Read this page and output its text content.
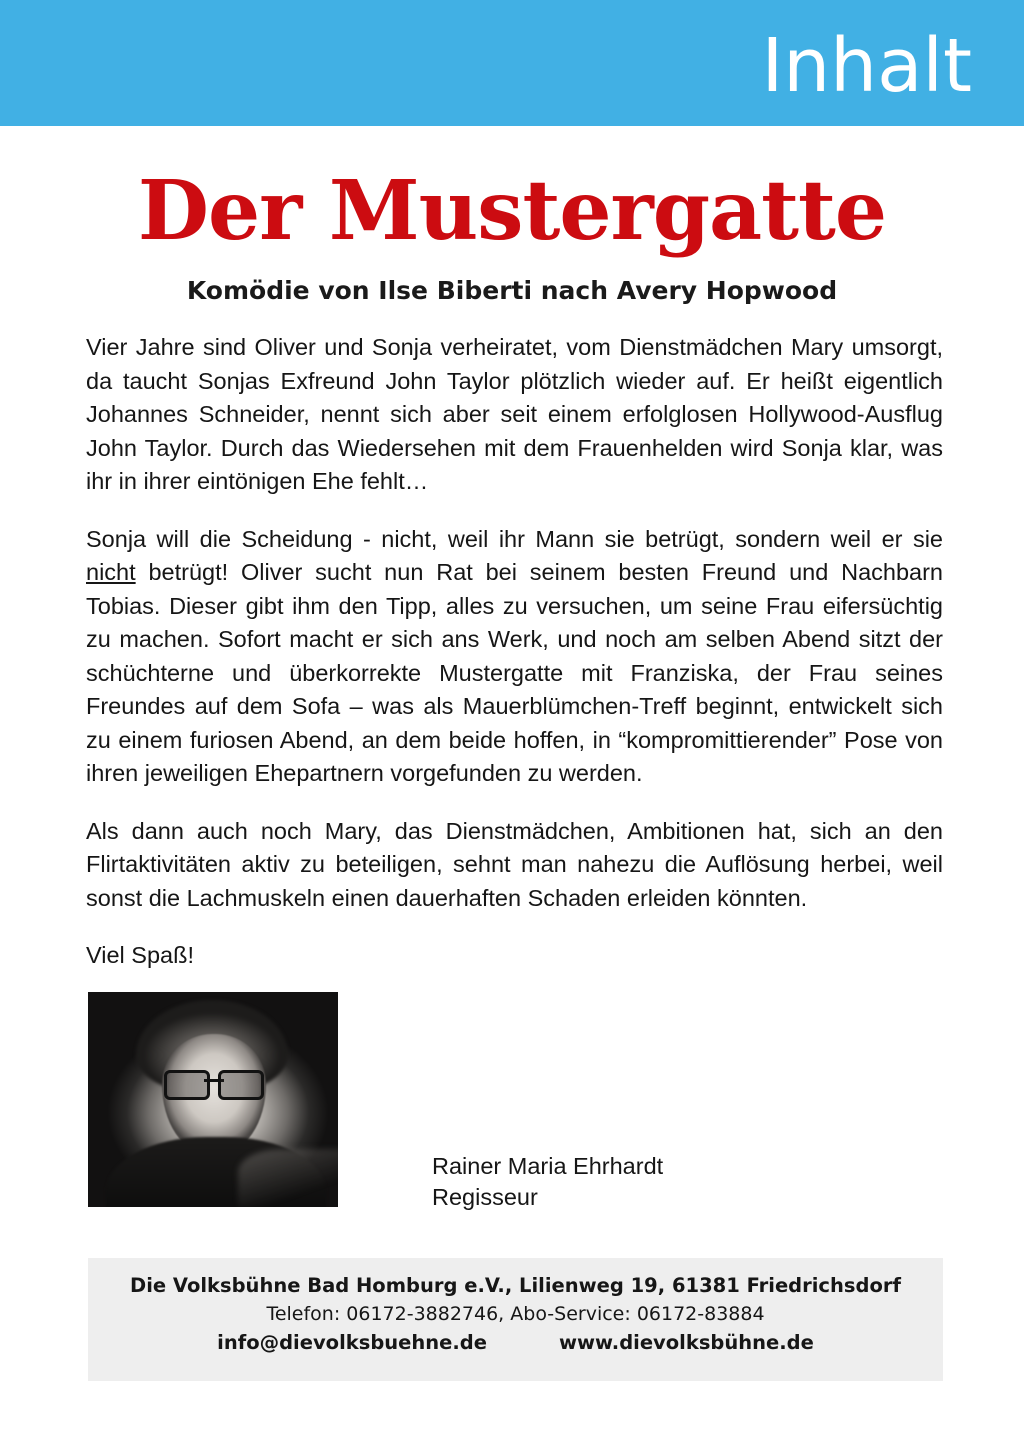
Inhalt
Der Mustergatte
Komödie von Ilse Biberti nach Avery Hopwood

Vier Jahre sind Oliver und Sonja verheiratet, vom Dienstmädchen Mary umsorgt, da taucht Sonjas Exfreund John Taylor plötzlich wieder auf. Er heißt eigentlich Johannes Schneider, nennt sich aber seit einem erfolglosen Hollywood-Ausflug John Taylor. Durch das Wiedersehen mit dem Frauenhelden wird Sonja klar, was ihr in ihrer eintönigen Ehe fehlt…

Sonja will die Scheidung - nicht, weil ihr Mann sie betrügt, sondern weil er sie nicht betrügt! Oliver sucht nun Rat bei seinem besten Freund und Nachbarn Tobias. Dieser gibt ihm den Tipp, alles zu versuchen, um seine Frau eifersüchtig zu machen. Sofort macht er sich ans Werk, und noch am selben Abend sitzt der schüchterne und überkorrekte Mustergatte mit Franziska, der Frau seines Freundes auf dem Sofa – was als Mauerblümchen-Treff beginnt, entwickelt sich zu einem furiosen Abend, an dem beide hoffen, in “kompromittierender” Pose von ihren jeweiligen Ehepartnern vorgefunden zu werden.

Als dann auch noch Mary, das Dienstmädchen, Ambitionen hat, sich an den Flirtaktivitäten aktiv zu beteiligen, sehnt man nahezu die Auflösung herbei, weil sonst die Lachmuskeln einen dauerhaften Schaden erleiden könnten.

Viel Spaß!

Rainer Maria Ehrhardt
Regisseur
Die Volksbühne Bad Homburg e.V., Lilienweg 19, 61381 Friedrichsdorf
Telefon: 06172-3882746, Abo-Service: 06172-83884
info@dievolksbuehne.de	www.dievolksbühne.de
